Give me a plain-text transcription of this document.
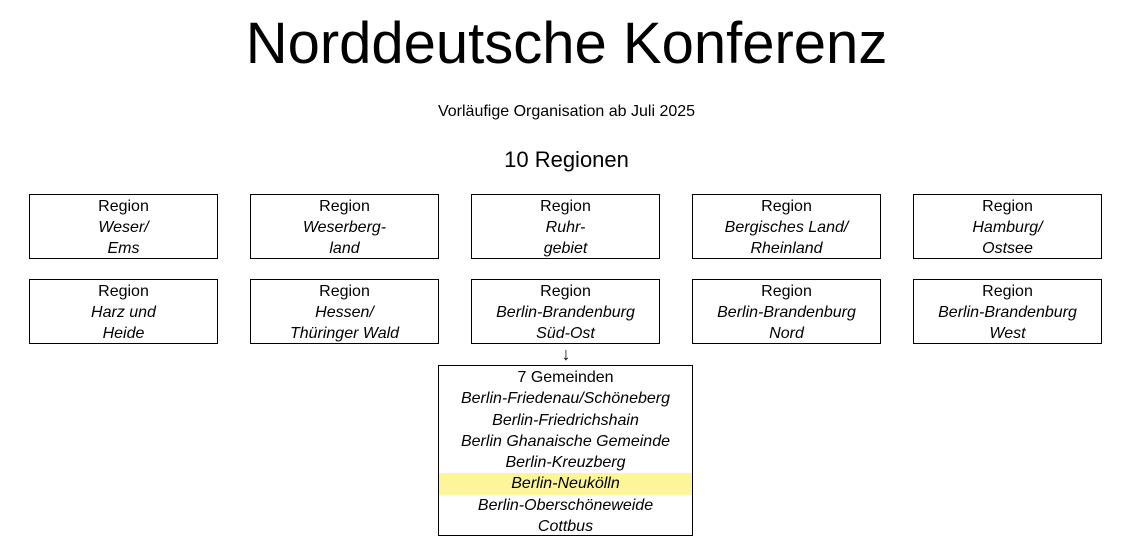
Norddeutsche Konferenz
Vorläufige Organisation ab Juli 2025
10 Regionen
Region
Weser/
Ems
Region
Weserberg-
land
Region
Ruhr-
gebiet
Region
Bergisches Land/
Rheinland
Region
Hamburg/
Ostsee
Region
Harz und
Heide
Region
Hessen/
Thüringer Wald
Region
Berlin-Brandenburg
Süd-Ost
Region
Berlin-Brandenburg
Nord
Region
Berlin-Brandenburg
West
↓
7 Gemeinden
Berlin-Friedenau/Schöneberg
Berlin-Friedrichshain
Berlin Ghanaische Gemeinde
Berlin-Kreuzberg
Berlin-Neukölln
Berlin-Oberschöneweide
Cottbus
